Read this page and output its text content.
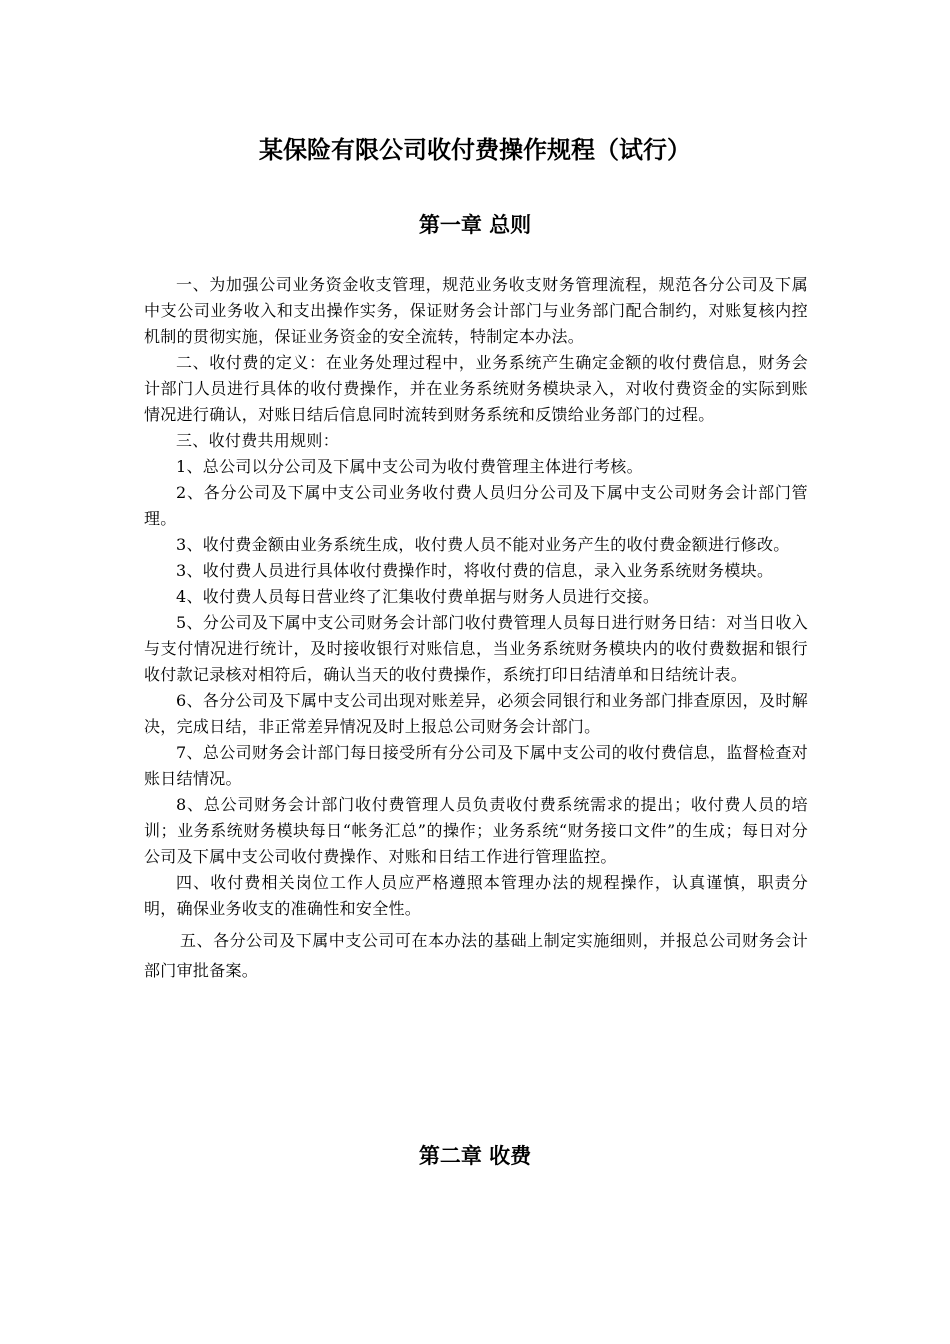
某保险有限公司收付费操作规程（试行）
第一章 总则

一、为加强公司业务资金收支管理，规范业务收支财务管理流程，规范各分公司及下属中支公司业务收入和支出操作实务，保证财务会计部门与业务部门配合制约，对账复核内控机制的贯彻实施，保证业务资金的安全流转，特制定本办法。

二、收付费的定义：在业务处理过程中，业务系统产生确定金额的收付费信息，财务会计部门人员进行具体的收付费操作，并在业务系统财务模块录入，对收付费资金的实际到账情况进行确认，对账日结后信息同时流转到财务系统和反馈给业务部门的过程。

三、收付费共用规则：

1、总公司以分公司及下属中支公司为收付费管理主体进行考核。

2、各分公司及下属中支公司业务收付费人员归分公司及下属中支公司财务会计部门管理。

3、收付费金额由业务系统生成，收付费人员不能对业务产生的收付费金额进行修改。

3、收付费人员进行具体收付费操作时，将收付费的信息，录入业务系统财务模块。

4、收付费人员每日营业终了汇集收付费单据与财务人员进行交接。

5、分公司及下属中支公司财务会计部门收付费管理人员每日进行财务日结：对当日收入与支付情况进行统计，及时接收银行对账信息，当业务系统财务模块内的收付费数据和银行收付款记录核对相符后，确认当天的收付费操作，系统打印日结清单和日结统计表。

6、各分公司及下属中支公司出现对账差异，必须会同银行和业务部门排查原因，及时解决，完成日结，非正常差异情况及时上报总公司财务会计部门。

7、总公司财务会计部门每日接受所有分公司及下属中支公司的收付费信息，监督检查对账日结情况。

8、总公司财务会计部门收付费管理人员负责收付费系统需求的提出；收付费人员的培训；业务系统财务模块每日“帐务汇总”的操作；业务系统“财务接口文件”的生成；每日对分公司及下属中支公司收付费操作、对账和日结工作进行管理监控。

四、收付费相关岗位工作人员应严格遵照本管理办法的规程操作，认真谨慎，职责分明，确保业务收支的准确性和安全性。

五、各分公司及下属中支公司可在本办法的基础上制定实施细则，并报总公司财务会计部门审批备案。

第二章 收费
